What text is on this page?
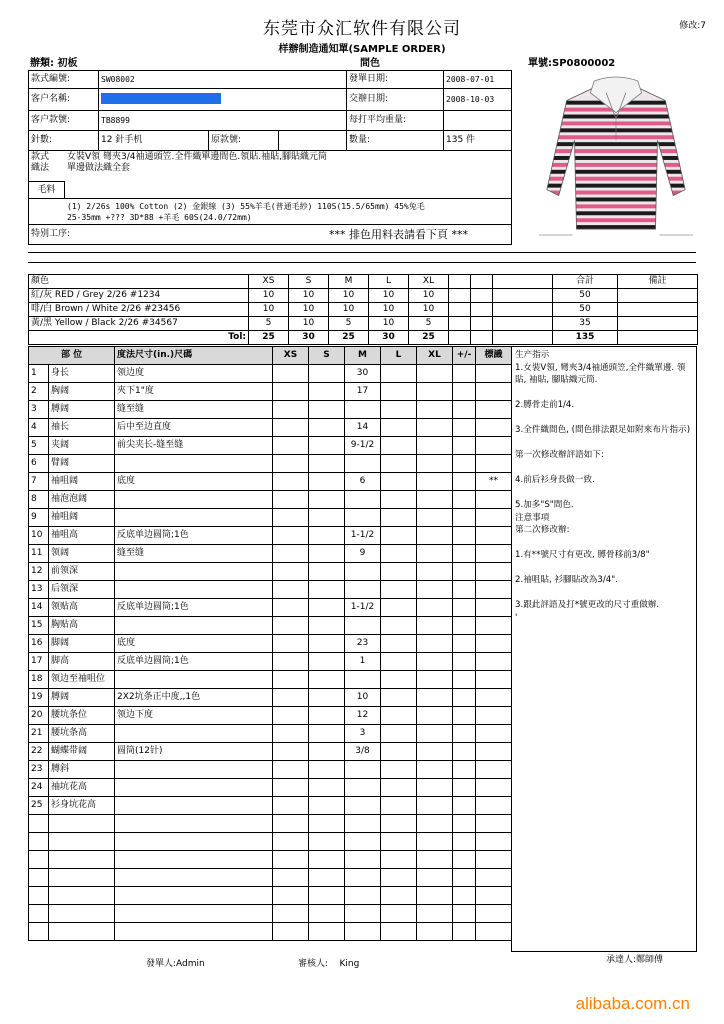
东莞市众汇软件有限公司	修改:7
样辦制造通知單(SAMPLE ORDER)
辦類: 初板	間色	單號:SP0800002
款式編號:	SW08002			發單日期:	2008-07-01
客户名稱:				交辦日期:	2008-10-03
客户款號:	TB8899			每打平均重量:	
針數:	12 針手机	原款號:		數量:	135 件

款式
織法
女裝V領 彎夾3/4袖通頭笠.全件織單邊間色.領貼.袖貼,腳貼織元筒
單邊做法織全套
毛料					

(1) 2/26s 100% Cotton (2) 金銀線 (3) 55%羊毛(普通毛紗) 110S(15.5/65mm) 45%兔毛
25-35mm +??? 3D*88 +羊毛 60S(24.0/72mm)					

特别工序: *** 排色用料表請看下頁 ***					
顏色	XS	S	M	L	XL				合計	備註
紅/灰 RED / Grey 2/26 #1234	10	10	10	10	10				50	
啡/白 Brown / White 2/26 #23456	10	10	10	10	10				50	
黃/黑 Yellow / Black 2/26 #34567	5	10	5	10	5				35	
Tol:	25	30	25	30	25				135	
部 位		度法尺寸(in.)尺碼	XS	S	M	L	XL	+/-	標識
1	身长	领边度			30				
2	胸阔	夾下1"度			17				
3	膊阔	缝至缝							
4	袖长	后中至边直度			14				
5	夹阔	前尖夹长-缝至缝			9-1/2				
6	臂阔								
7	袖咀阔	底度			6				**
8	袖泡泡阔								
9	袖咀阔								
10	袖咀高	反底单边圆筒;1色			1-1/2				
11	领阔	缝至缝			9				
12	前领深								
13	后领深								
14	领贴高	反底单边圆筒;1色			1-1/2				
15	胸贴高								
16	脚阔	底度			23				
17	脚高	反底单边圆筒;1色			1				
18	领边至袖咀位								
19	膊阔	2X2坑条正中度,,1色			10				
20	腰坑条位	领边下度			12				
21	腰坑条高				3				
22	蝴蝶带阔	圆筒(12针)			3/8				
23	膊斜								
24	袖坑花高								
25	衫身坑花高								

生产指示
1.女裝V領, 彎夾3/4袖通頭笠,全件織單邊. 領貼, 袖貼, 腳貼織元筒.
2.膊骨走前1/4.
3.全件織間色, (間色排法跟足如附來布片指示)
第一次修改辦評語如下:
4.前后衫身長做一致.
5.加多"S"間色.
注意事項
第二次修改辦:
1.有**號尺寸有更改, 膊骨移前3/8"
2.袖咀貼, 衫腳貼改為3/4".
3.跟此評語及打*號更改的尺寸重做辦.
'
發單人:Admin	審核人: King	承達人:鄭師傅
alibaba.com.cn
